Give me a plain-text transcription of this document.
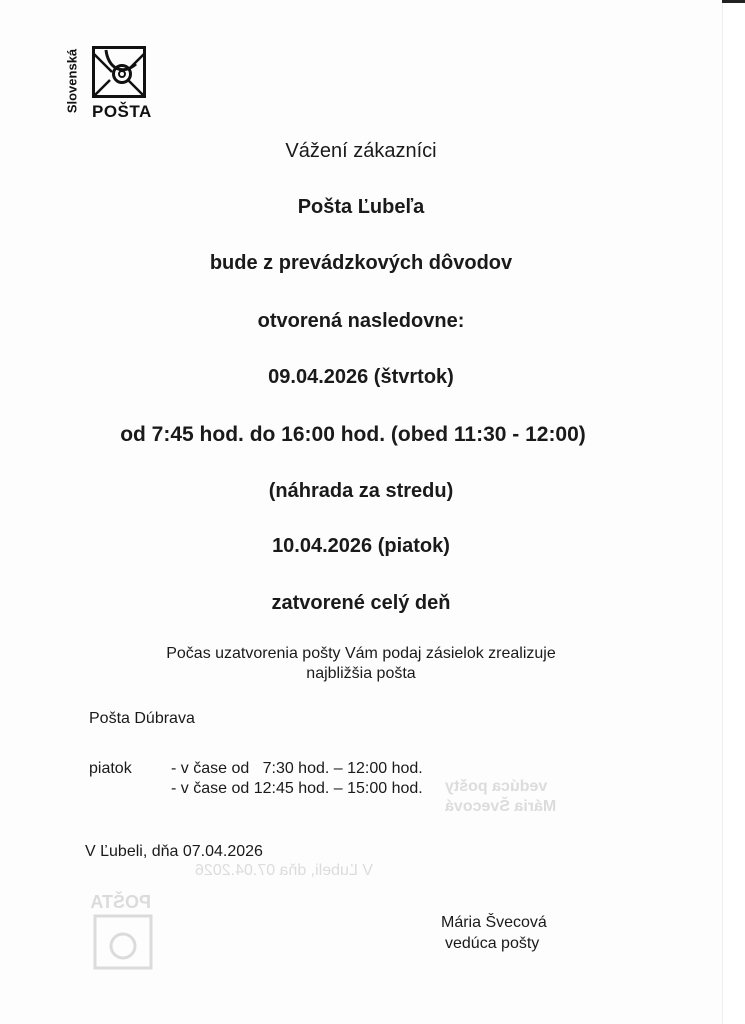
vedúca pošty
Mária Švecová
V Ľubeli, dňa 07.04.2026
POŠTA
Slovenská POŠTA
Vážení zákazníci
Pošta Ľubeľa
bude z prevádzkových dôvodov
otvorená nasledovne:
09.04.2026 (štvrtok)
od 7:45 hod. do 16:00 hod. (obed 11:30 - 12:00)
(náhrada za stredu)
10.04.2026 (piatok)
zatvorené celý deň
Počas uzatvorenia pošty Vám podaj zásielok zrealizuje
najbližšia pošta
Pošta Dúbrava
piatok - v čase od   7:30 hod. – 12:00 hod.
- v čase od 12:45 hod. – 15:00 hod.
V Ľubeli, dňa 07.04.2026
Mária Švecová
vedúca pošty
